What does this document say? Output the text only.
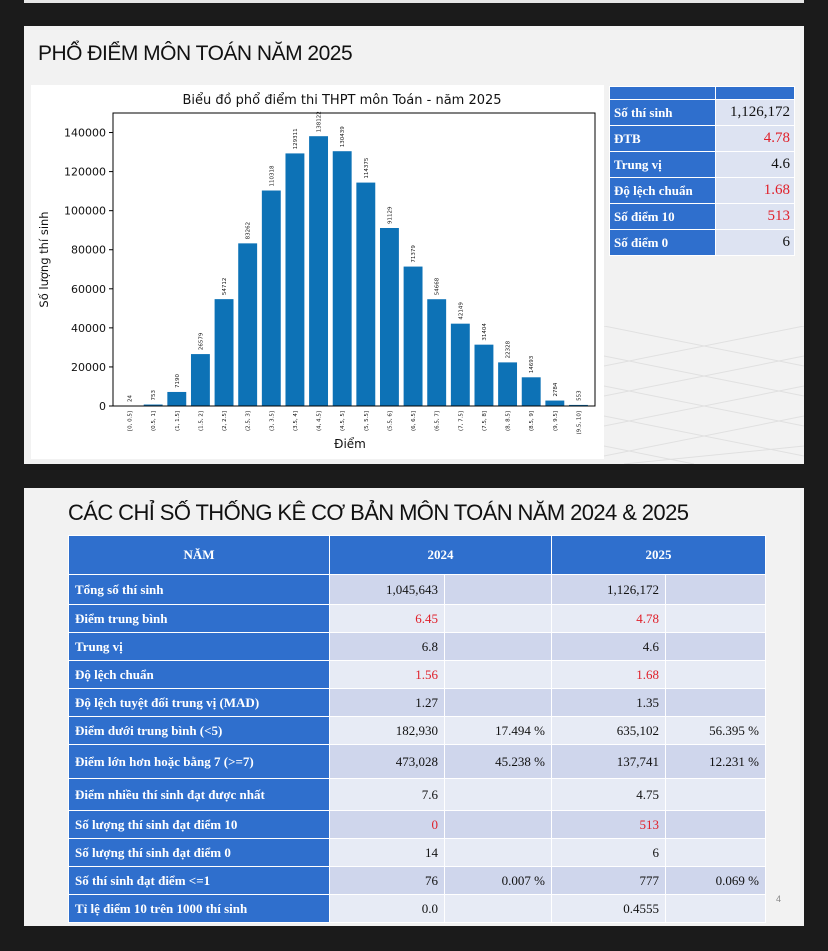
PHỔ ĐIỂM MÔN TOÁN NĂM 2025
Biểu đồ phổ điểm thi THPT môn Toán - năm 2025
0
20000
40000
60000
80000
100000
120000
140000
24
[0, 0.5]
753
(0.5, 1]
7190
(1, 1.5]
26579
(1.5, 2]
54712
(2, 2.5]
83262
(2.5, 3]
110318
(3, 3.5]
129311
(3.5, 4]
138122
(4, 4.5]
130439
(4.5, 5]
114375
(5, 5.5]
91129
(5.5, 6]
71379
(6, 6.5]
54668
(6.5, 7]
42149
(7, 7.5]
31404
(7.5, 8]
22328
(8, 8.5]
14693
(8.5, 9]
2784
(9, 9.5]
553
(9.5, 10]
Điểm
Số lượng thí sinh

Số thí sinh	1,126,172
ĐTB	4.78
Trung vị	4.6
Độ lệch chuẩn	1.68
Số điểm 10	513
Số điểm 0	6
CÁC CHỈ SỐ THỐNG KÊ CƠ BẢN MÔN TOÁN NĂM 2024 & 2025
NĂM	2024		2025	
Tổng số thí sinh	1,045,643		1,126,172	
Điểm trung bình	6.45		4.78	
Trung vị	6.8		4.6	
Độ lệch chuẩn	1.56		1.68	
Độ lệch tuyệt đối trung vị (MAD)	1.27		1.35	
Điểm dưới trung bình (<5)	182,930	17.494 %	635,102	56.395 %
Điểm lớn hơn hoặc bằng 7 (>=7)	473,028	45.238 %	137,741	12.231 %
Điểm nhiều thí sinh đạt được nhất	7.6		4.75	
Số lượng thí sinh đạt điểm 10	0		513	
Số lượng thí sinh đạt điểm 0	14		6	
Số thí sinh đạt điểm <=1	76	0.007 %	777	0.069 %
Tỉ lệ điểm 10 trên 1000 thí sinh	0.0		0.4555	
4
